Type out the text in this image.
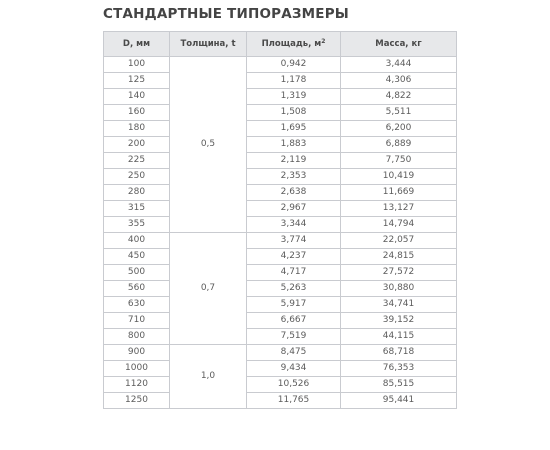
СТАНДАРТНЫЕ ТИПОРАЗМЕРЫ
D, мм	Толщина, t	Площадь, $м^2$	Масса, кг
100	0,5	0,942	3,444
125		1,178	4,306
140		1,319	4,822
160		1,508	5,511
180		1,695	6,200
200		1,883	6,889
225		2,119	7,750
250		2,353	10,419
280		2,638	11,669
315		2,967	13,127
355		3,344	14,794
400	0,7	3,774	22,057
450		4,237	24,815
500		4,717	27,572
560		5,263	30,880
630		5,917	34,741
710		6,667	39,152
800		7,519	44,115
900	1,0	8,475	68,718
1000		9,434	76,353
1120		10,526	85,515
1250		11,765	95,441
